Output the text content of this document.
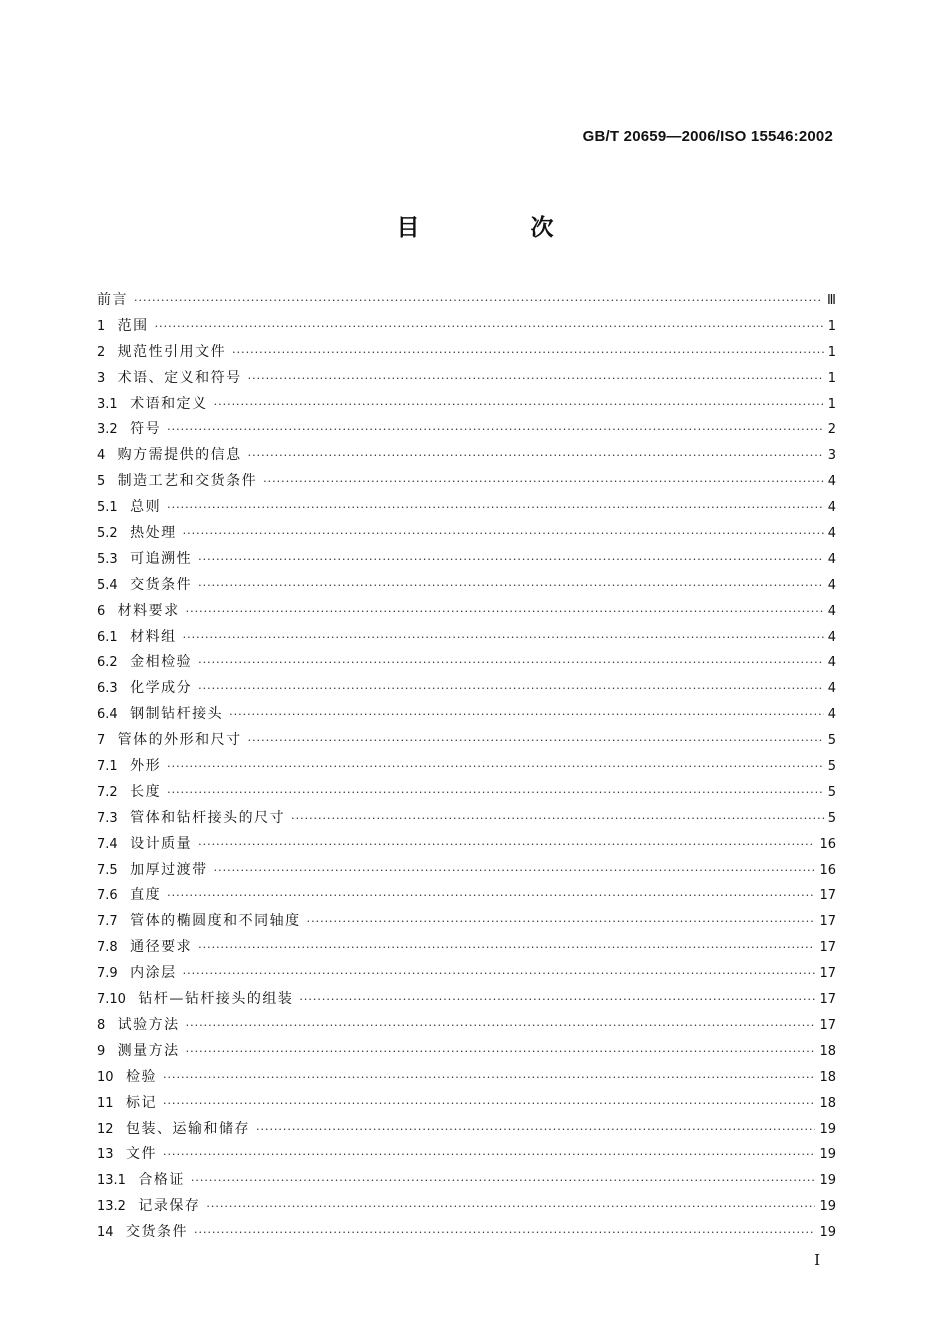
GB/T 20659—2006/ISO 15546:2002
目　次
前言 ·····	Ⅲ
1 范围 ·····	1
2 规范性引用文件 ·····	1
3 术语、定义和符号 ·····	1
3.1 术语和定义 ·····	1
3.2 符号 ·····	2
4 购方需提供的信息 ·····	3
5 制造工艺和交货条件 ·····	4
5.1 总则 ·····	4
5.2 热处理 ·····	4
5.3 可追溯性 ·····	4
5.4 交货条件 ·····	4
6 材料要求 ·····	4
6.1 材料组 ·····	4
6.2 金相检验 ·····	4
6.3 化学成分 ·····	4
6.4 钢制钻杆接头 ·····	4
7 管体的外形和尺寸 ·····	5
7.1 外形 ·····	5
7.2 长度 ·····	5
7.3 管体和钻杆接头的尺寸 ·····	5
7.4 设计质量 ·····	16
7.5 加厚过渡带 ·····	16
7.6 直度 ·····	17
7.7 管体的椭圆度和不同轴度 ·····	17
7.8 通径要求 ·····	17
7.9 内涂层 ·····	17
7.10 钻杆—钻杆接头的组装 ·····	17
8 试验方法 ·····	17
9 测量方法 ·····	18
10 检验 ·····	18
11 标记 ·····	18
12 包装、运输和储存 ·····	19
13 文件 ·····	19
13.1 合格证 ·····	19
13.2 记录保存 ·····	19
14 交货条件 ·····	19
I
